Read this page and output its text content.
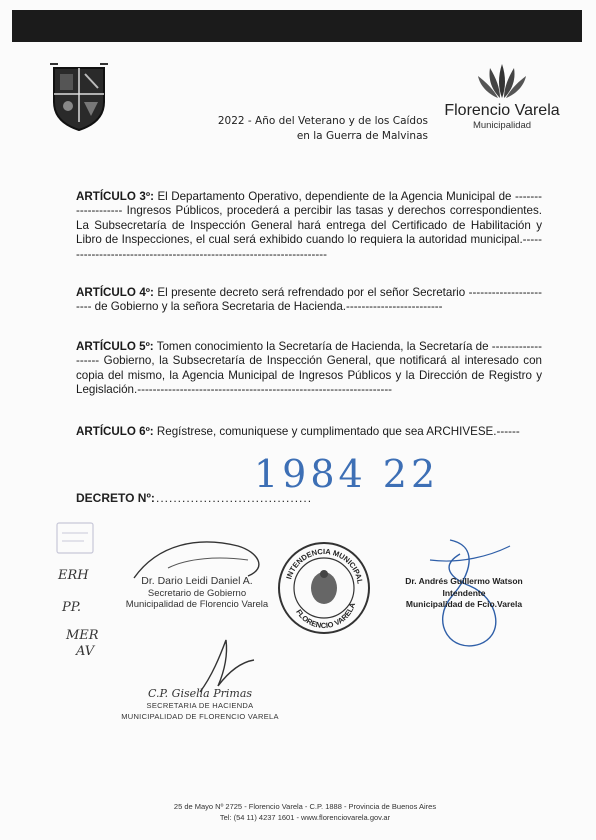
2022 - Año del Veterano y de los Caídos
en la Guerra de Malvinas
Florencio Varela
Municipalidad
ARTÍCULO 3º: El Departamento Operativo, dependiente de la Agencia Municipal de ------------------- Ingresos Públicos, procederá a percibir las tasas y derechos correspondientes. La Subsecretaría de Inspección General hará entrega del Certificado de Habilitación y Libro de Inspecciones, el cual será exhibido cuando lo requiera la autoridad municipal.----------------------------------------------------------------------
ARTÍCULO 4º: El presente decreto será refrendado por el señor Secretario ----------------------- de Gobierno y la señora Secretaria de Hacienda.-------------------------
ARTÍCULO 5º: Tomen conocimiento la Secretaría de Hacienda, la Secretaría de ------------------- Gobierno, la Subsecretaría de Inspección General, que notificará al interesado con copia del mismo, la Agencia Municipal de Ingresos Públicos y la Dirección de Registro y Legislación.------------------------------------------------------------------
ARTÍCULO 6º: Regístrese, comuniquese y cumplimentado que sea ARCHIVESE.------
1984 22
DECRETO Nº: ....................................
Dr. Dario Leidi Daniel A.
Secretario de Gobierno
Municipalidad de Florencio Varela
INTENDENCIA MUNICIPAL
FLORENCIO VARELA
Dr. Andrés Guillermo Watson
Intendente
Municipalidad de Fcio.Varela
C.P. Gisella Primas
SECRETARIA DE HACIENDA
MUNICIPALIDAD DE FLORENCIO VARELA
ERH
PP.
MER
AV
25 de Mayo Nº 2725 - Florencio Varela - C.P. 1888 - Provincia de Buenos Aires
Tel: (54 11) 4237 1601 - www.florenciovarela.gov.ar
